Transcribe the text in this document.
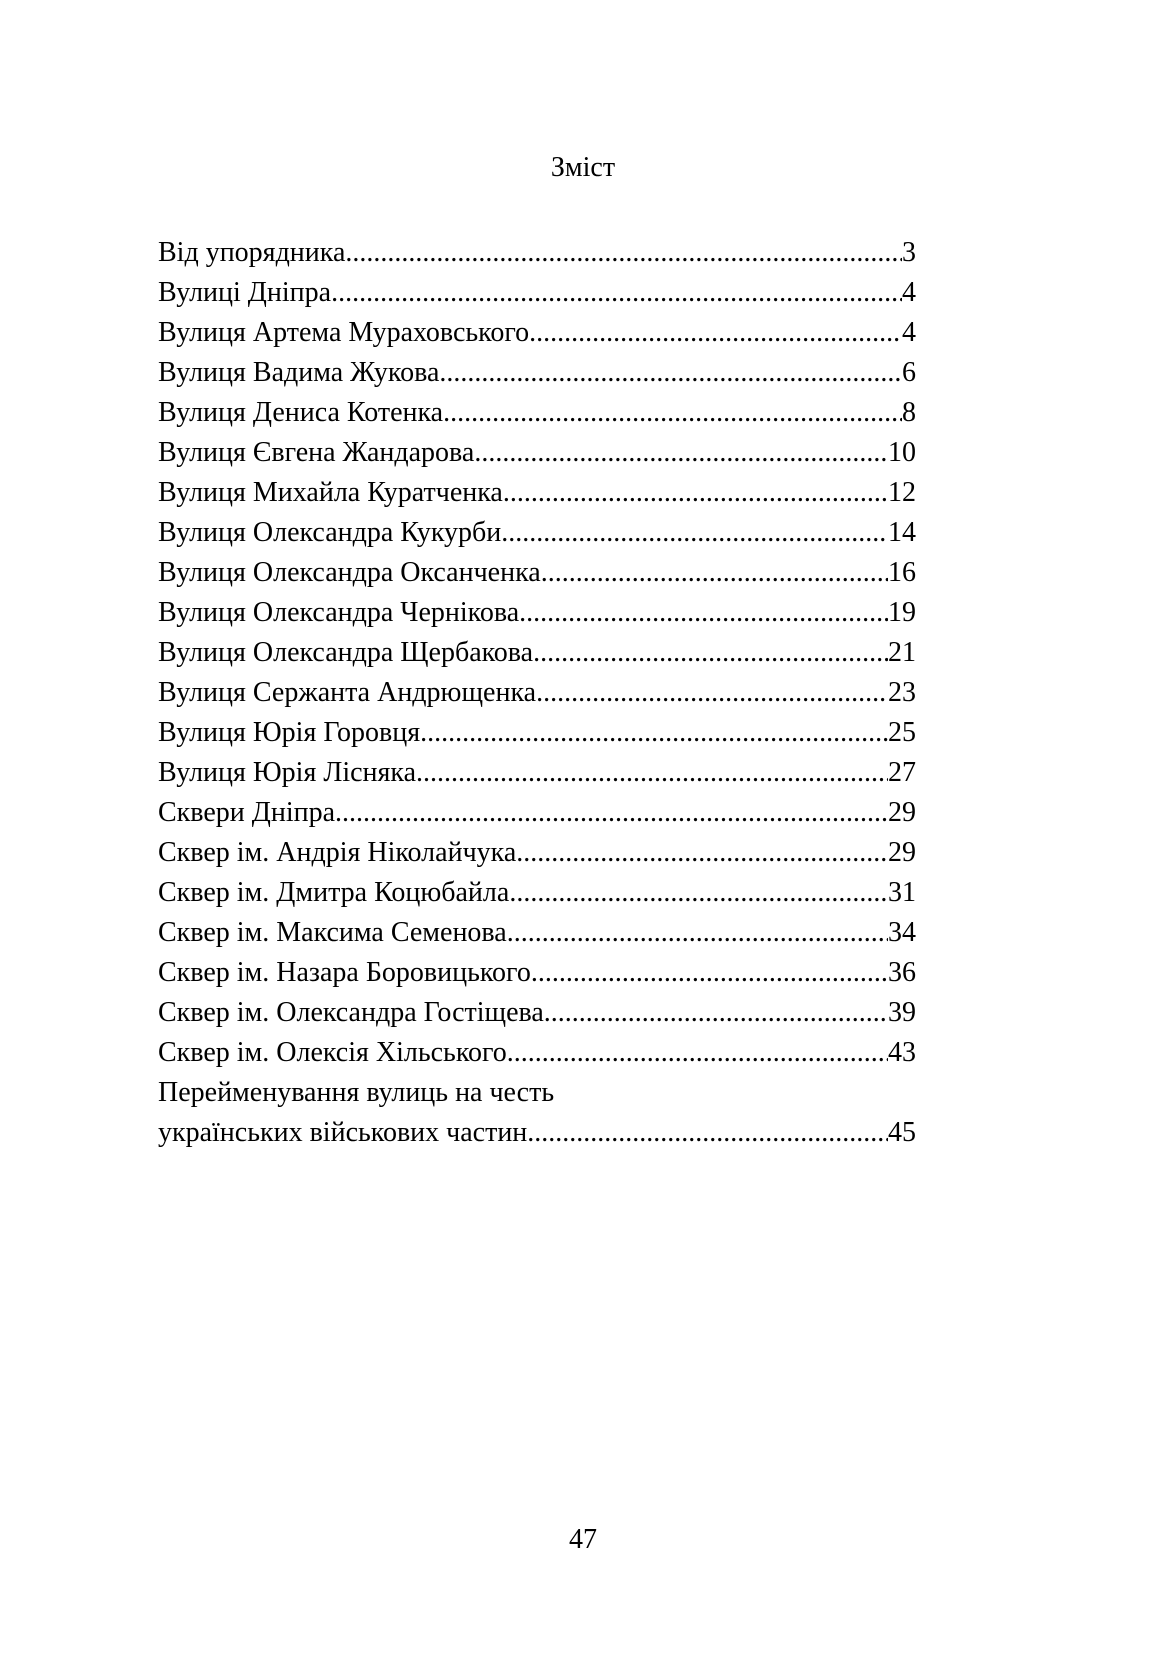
Зміст
Від упорядника .....	3
Вулиці Дніпра .....	4
Вулиця Артема Мураховського .....	4
Вулиця Вадима Жукова .....	6
Вулиця Дениса Котенка .....	8
Вулиця Євгена Жандарова .....	10
Вулиця Михайла Куратченка .....	12
Вулиця Олександра Кукурби .....	14
Вулиця Олександра Оксанченка .....	16
Вулиця Олександра Чернікова .....	19
Вулиця Олександра Щербакова .....	21
Вулиця Сержанта Андрющенка .....	23
Вулиця Юрія Горовця .....	25
Вулиця Юрія Лісняка .....	27
Сквери Дніпра .....	29
Сквер ім. Андрія Ніколайчука .....	29
Сквер ім. Дмитра Коцюбайла .....	31
Сквер ім. Максима Семенова .....	34
Сквер ім. Назара Боровицького .....	36
Сквер ім. Олександра Гостіщева .....	39
Сквер ім. Олексія Хільського .....	43
Перейменування вулиць на честь
українських військових частин .....	45
47
